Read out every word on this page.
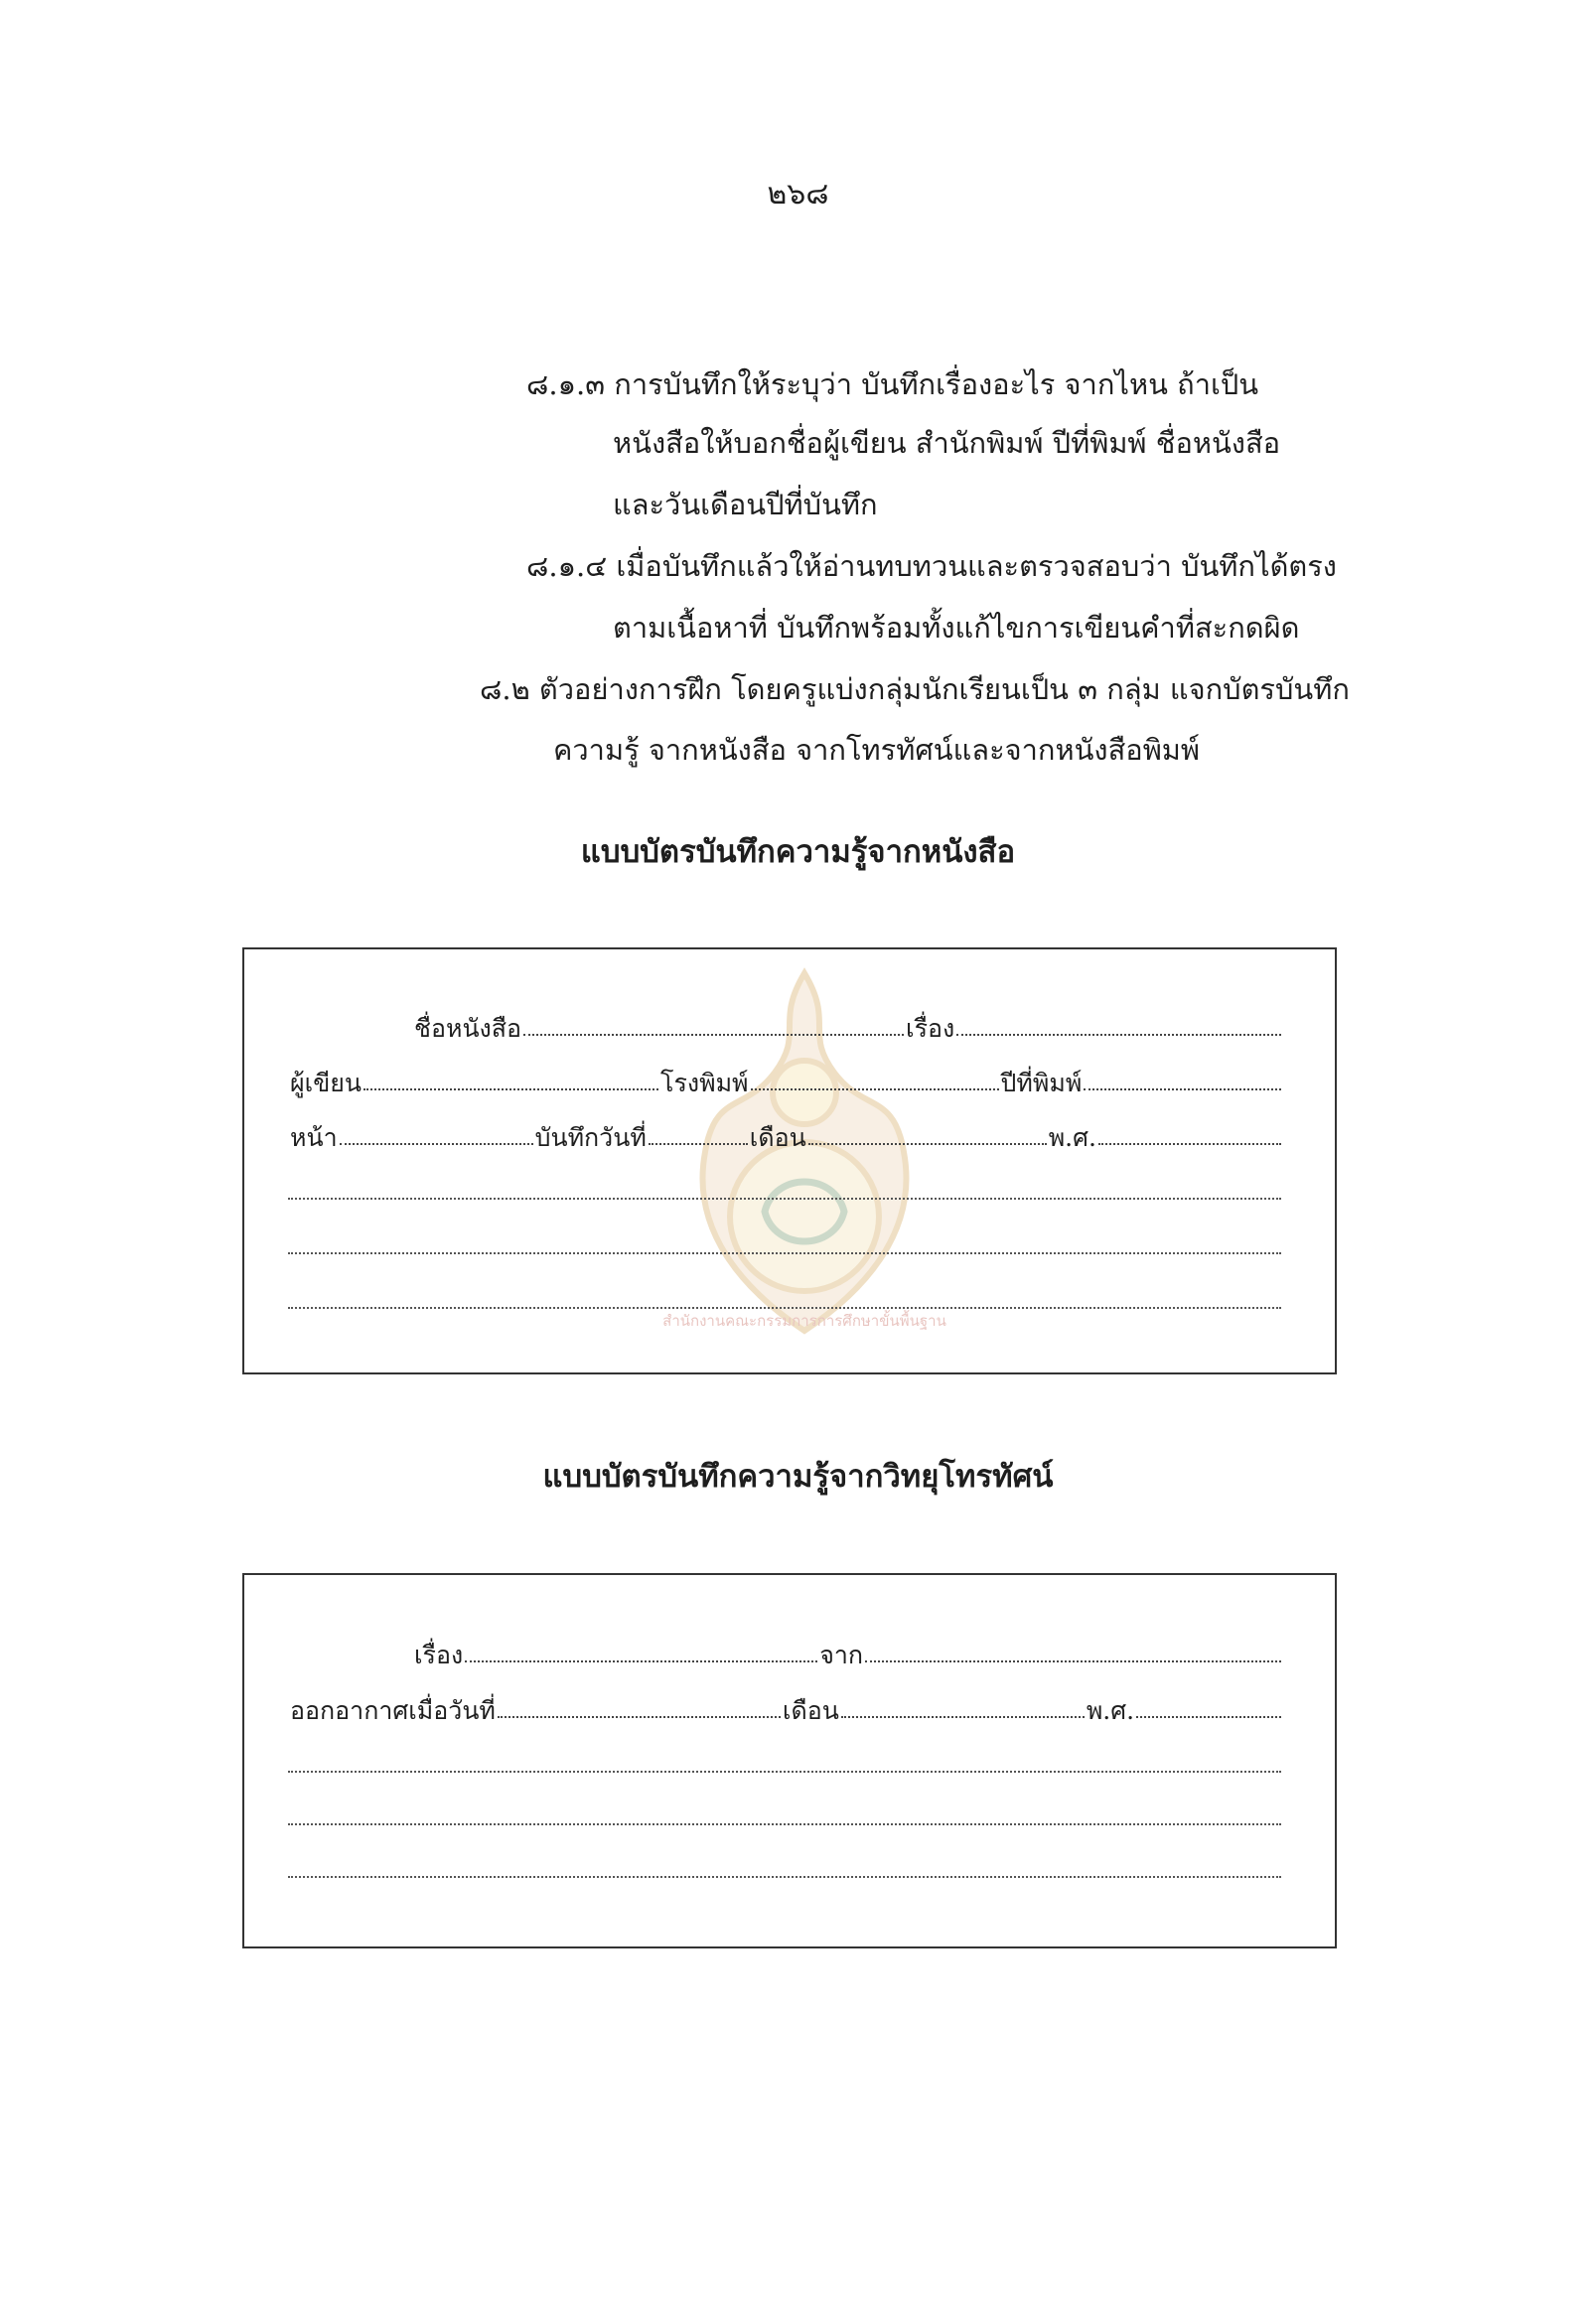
๒๖๘
๘.๑.๓ การบันทึกให้ระบุว่า บันทึกเรื่องอะไร จากไหน ถ้าเป็น
หนังสือให้บอกชื่อผู้เขียน สำนักพิมพ์ ปีที่พิมพ์ ชื่อหนังสือ
และวันเดือนปีที่บันทึก
๘.๑.๔ เมื่อบันทึกแล้วให้อ่านทบทวนและตรวจสอบว่า บันทึกได้ตรง
ตามเนื้อหาที่ บันทึกพร้อมทั้งแก้ไขการเขียนคำที่สะกดผิด
๘.๒ ตัวอย่างการฝึก โดยครูแบ่งกลุ่มนักเรียนเป็น ๓ กลุ่ม แจกบัตรบันทึก
ความรู้ จากหนังสือ จากโทรทัศน์และจากหนังสือพิมพ์
แบบบัตรบันทึกความรู้จากหนังสือ
สำนักงานคณะกรรมการการศึกษาขั้นพื้นฐาน
ชื่อหนังสือ	เรื่อง
ผู้เขียน	โรงพิมพ์	ปีที่พิมพ์
หน้า	บันทึกวันที่	เดือน	พ.ศ.
แบบบัตรบันทึกความรู้จากวิทยุโทรทัศน์
เรื่อง	จาก
ออกอากาศเมื่อวันที่	เดือน	พ.ศ.
